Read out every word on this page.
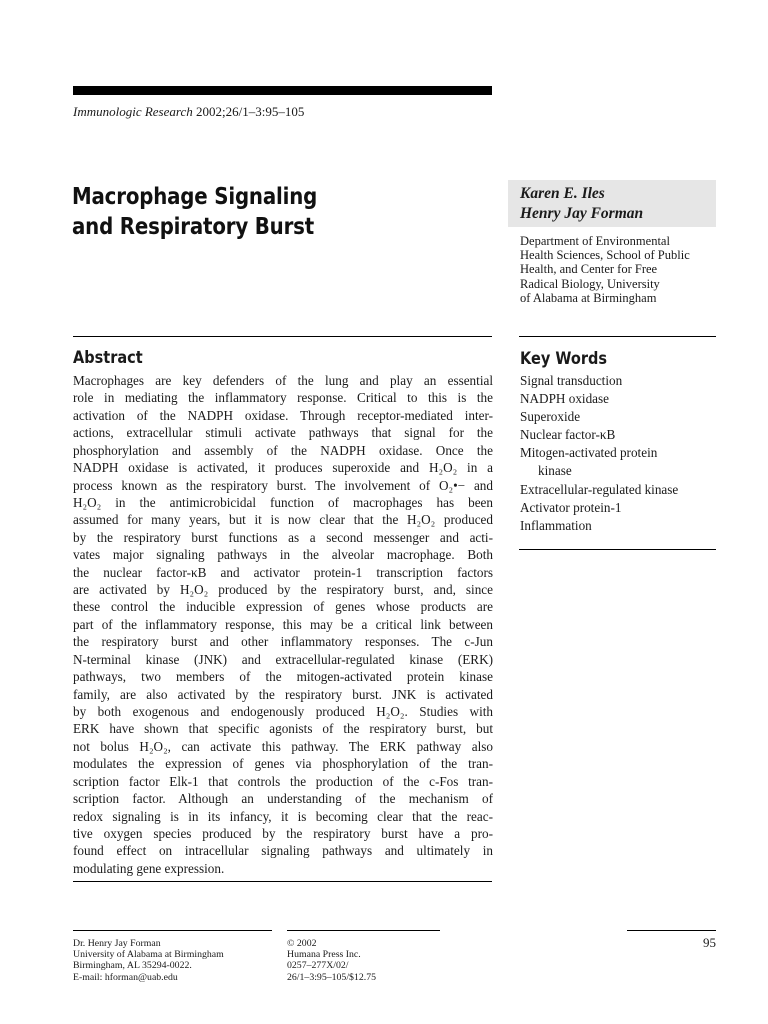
Immunologic Research 2002;26/1–3:95–105
Macrophage Signaling
and Respiratory Burst
Karen E. Iles
Henry Jay Forman
Department of Environmental
Health Sciences, School of Public
Health, and Center for Free
Radical Biology, University
of Alabama at Birmingham
Abstract	Key Words
Macrophages are key defenders of the lung and play an essential
role in mediating the inflammatory response. Critical to this is the
activation of the NADPH oxidase. Through receptor-mediated inter-
actions, extracellular stimuli activate pathways that signal for the
phosphorylation and assembly of the NADPH oxidase. Once the
NADPH oxidase is activated, it produces superoxide and H₂O₂ in a
process known as the respiratory burst. The involvement of O₂•− and
H₂O₂ in the antimicrobicidal function of macrophages has been
assumed for many years, but it is now clear that the H₂O₂ produced
by the respiratory burst functions as a second messenger and acti-
vates major signaling pathways in the alveolar macrophage. Both
the nuclear factor-κB and activator protein-1 transcription factors
are activated by H₂O₂ produced by the respiratory burst, and, since
these control the inducible expression of genes whose products are
part of the inflammatory response, this may be a critical link between
the respiratory burst and other inflammatory responses. The c-Jun
N-terminal kinase (JNK) and extracellular-regulated kinase (ERK)
pathways, two members of the mitogen-activated protein kinase
family, are also activated by the respiratory burst. JNK is activated
by both exogenous and endogenously produced H₂O₂. Studies with
ERK have shown that specific agonists of the respiratory burst, but
not bolus H₂O₂, can activate this pathway. The ERK pathway also
modulates the expression of genes via phosphorylation of the tran-
scription factor Elk-1 that controls the production of the c-Fos tran-
scription factor. Although an understanding of the mechanism of
redox signaling is in its infancy, it is becoming clear that the reac-
tive oxygen species produced by the respiratory burst have a pro-
found effect on intracellular signaling pathways and ultimately in
modulating gene expression.
Signal transduction
NADPH oxidase
Superoxide
Nuclear factor-κB
Mitogen-activated protein
kinase
Extracellular-regulated kinase
Activator protein-1
Inflammation
Dr. Henry Jay Forman
University of Alabama at Birmingham
Birmingham, AL 35294-0022.
E-mail: hforman@uab.edu
© 2002
Humana Press Inc.
0257–277X/02/
26/1–3:95–105/$12.75
95
